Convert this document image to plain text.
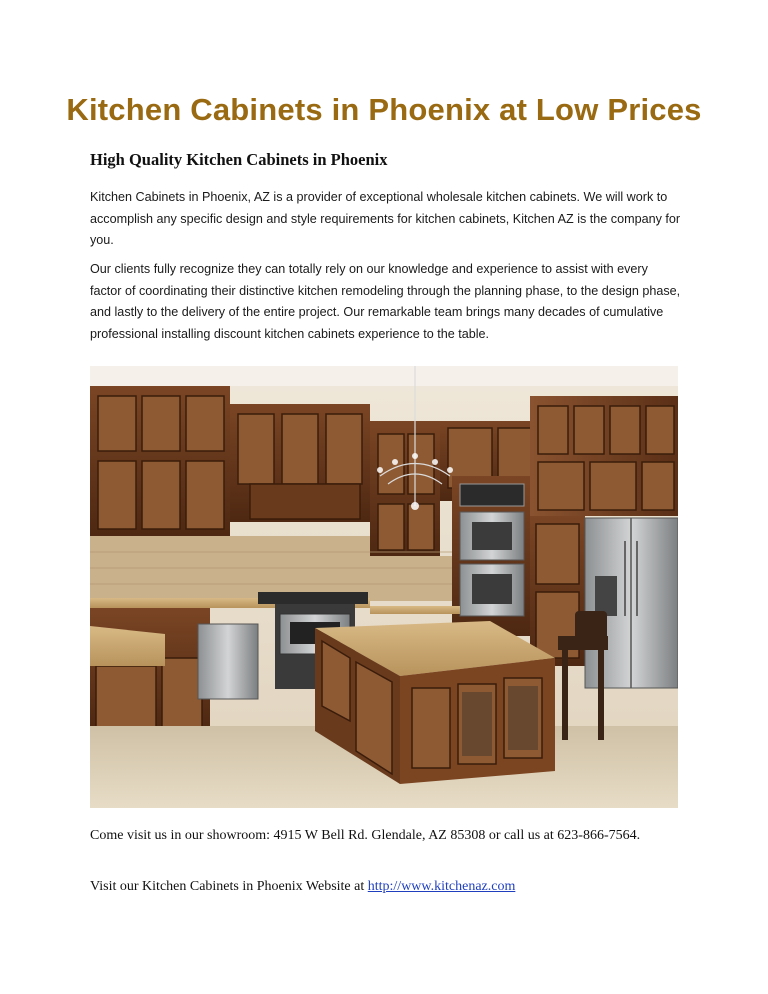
Kitchen Cabinets in Phoenix at Low Prices
High Quality Kitchen Cabinets in Phoenix

Kitchen Cabinets in Phoenix, AZ is a provider of exceptional wholesale kitchen cabinets. We will work to accomplish any specific design and style requirements for kitchen cabinets, Kitchen AZ is the company for you.

Our clients fully recognize they can totally rely on our knowledge and experience to assist with every factor of coordinating their distinctive kitchen remodeling through the planning phase, to the design phase, and lastly to the delivery of the entire project. Our remarkable team brings many decades of cumulative professional installing discount kitchen cabinets experience to the table.

Come visit us in our showroom: 4915 W Bell Rd. Glendale, AZ 85308 or call us at 623-866-7564.

Visit our Kitchen Cabinets in Phoenix Website at http://www.kitchenaz.com
